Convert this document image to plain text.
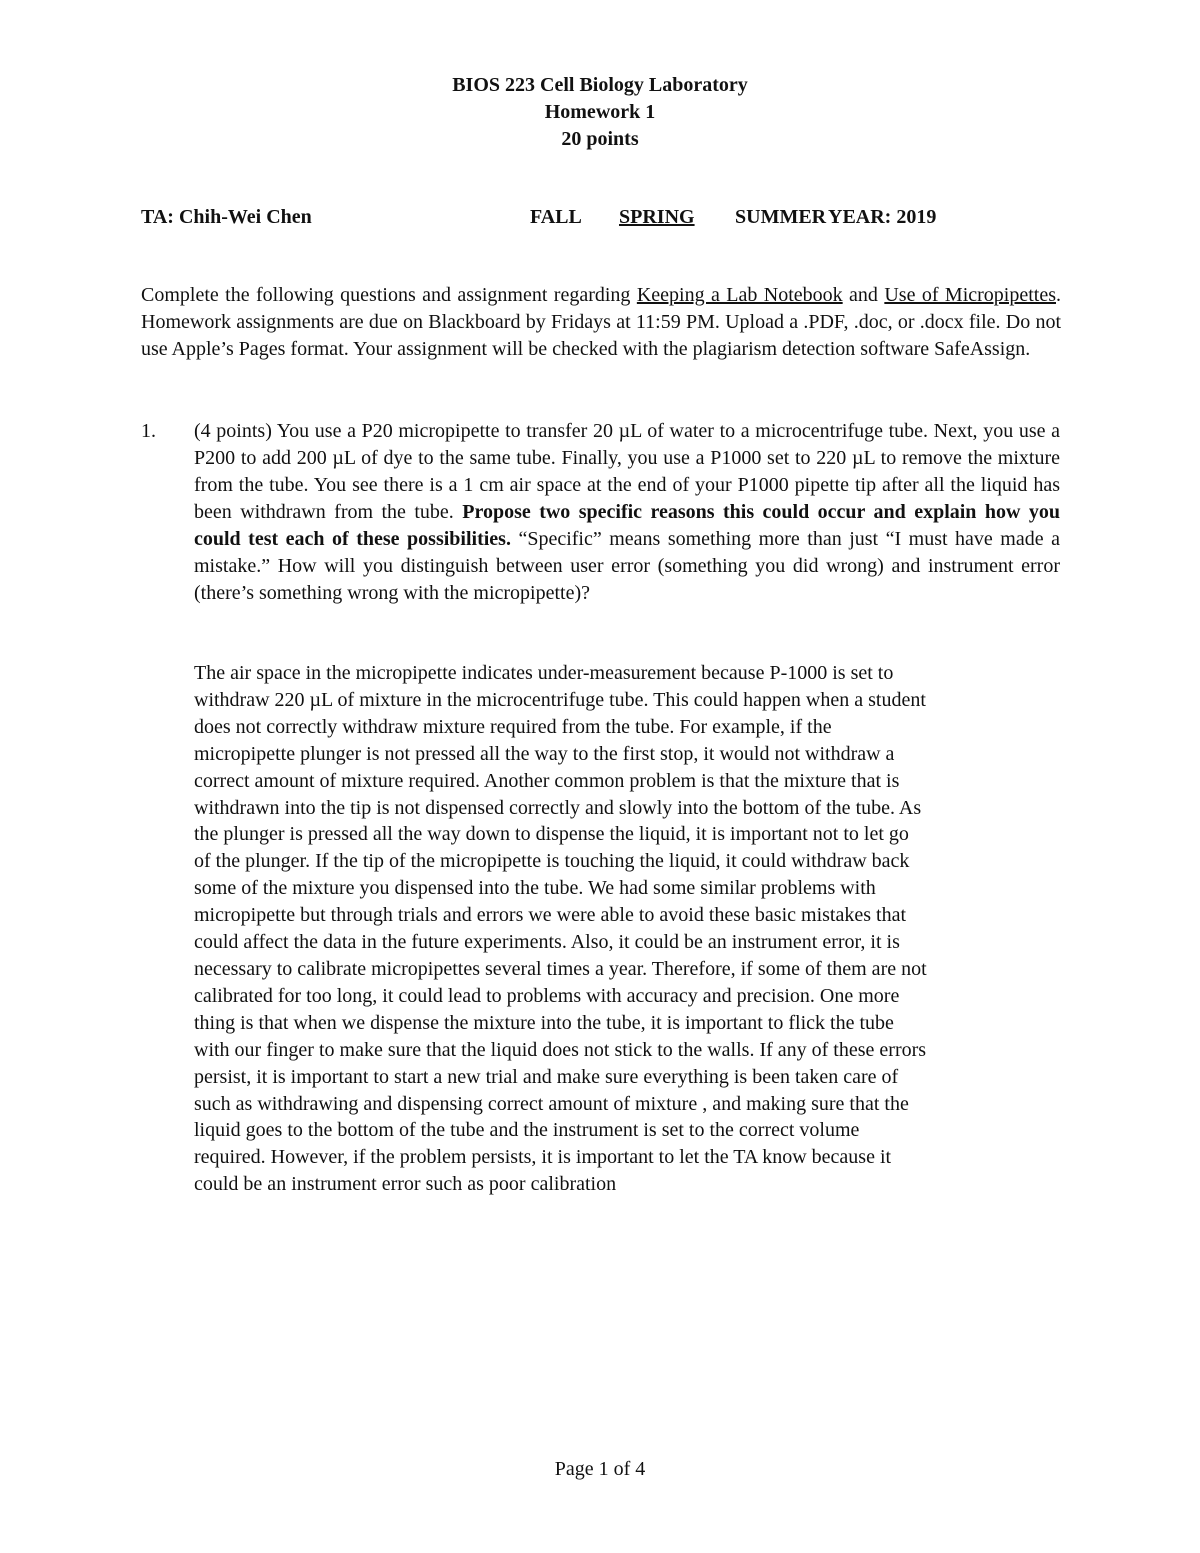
BIOS 223 Cell Biology Laboratory
Homework 1
20 points
TA: Chih-Wei Chen	FALL SPRING SUMMER YEAR: 2019
Complete the following questions and assignment regarding Keeping a Lab Notebook and Use of Micropipettes. Homework assignments are due on Blackboard by Fridays at 11:59 PM. Upload a .PDF, .doc, or .docx file. Do not use Apple’s Pages format. Your assignment will be checked with the plagiarism detection software SafeAssign.
1. (4 points) You use a P20 micropipette to transfer 20 µL of water to a microcentrifuge tube. Next, you use a P200 to add 200 µL of dye to the same tube. Finally, you use a P1000 set to 220 µL to remove the mixture from the tube. You see there is a 1 cm air space at the end of your P1000 pipette tip after all the liquid has been withdrawn from the tube. Propose two specific reasons this could occur and explain how you could test each of these possibilities. “Specific” means something more than just “I must have made a mistake.” How will you distinguish between user error (something you did wrong) and instrument error (there’s something wrong with the micropipette)?
The air space in the micropipette indicates under-measurement because P-1000 is set to
withdraw 220 µL of mixture in the microcentrifuge tube. This could happen when a student
does not correctly withdraw mixture required from the tube. For example, if the
micropipette plunger is not pressed all the way to the first stop, it would not withdraw a
correct amount of mixture required. Another common problem is that the mixture that is
withdrawn into the tip is not dispensed correctly and slowly into the bottom of the tube. As
the plunger is pressed all the way down to dispense the liquid, it is important not to let go
of the plunger. If the tip of the micropipette is touching the liquid, it could withdraw back
some of the mixture you dispensed into the tube. We had some similar problems with
micropipette but through trials and errors we were able to avoid these basic mistakes that
could affect the data in the future experiments. Also, it could be an instrument error, it is
necessary to calibrate micropipettes several times a year. Therefore, if some of them are not
calibrated for too long, it could lead to problems with accuracy and precision. One more
thing is that when we dispense the mixture into the tube, it is important to flick the tube
with our finger to make sure that the liquid does not stick to the walls. If any of these errors
persist, it is important to start a new trial and make sure everything is been taken care of
such as withdrawing and dispensing correct amount of mixture , and making sure that the
liquid goes to the bottom of the tube and the instrument is set to the correct volume
required. However, if the problem persists, it is important to let the TA know because it
could be an instrument error such as poor calibration
Page 1 of 4
